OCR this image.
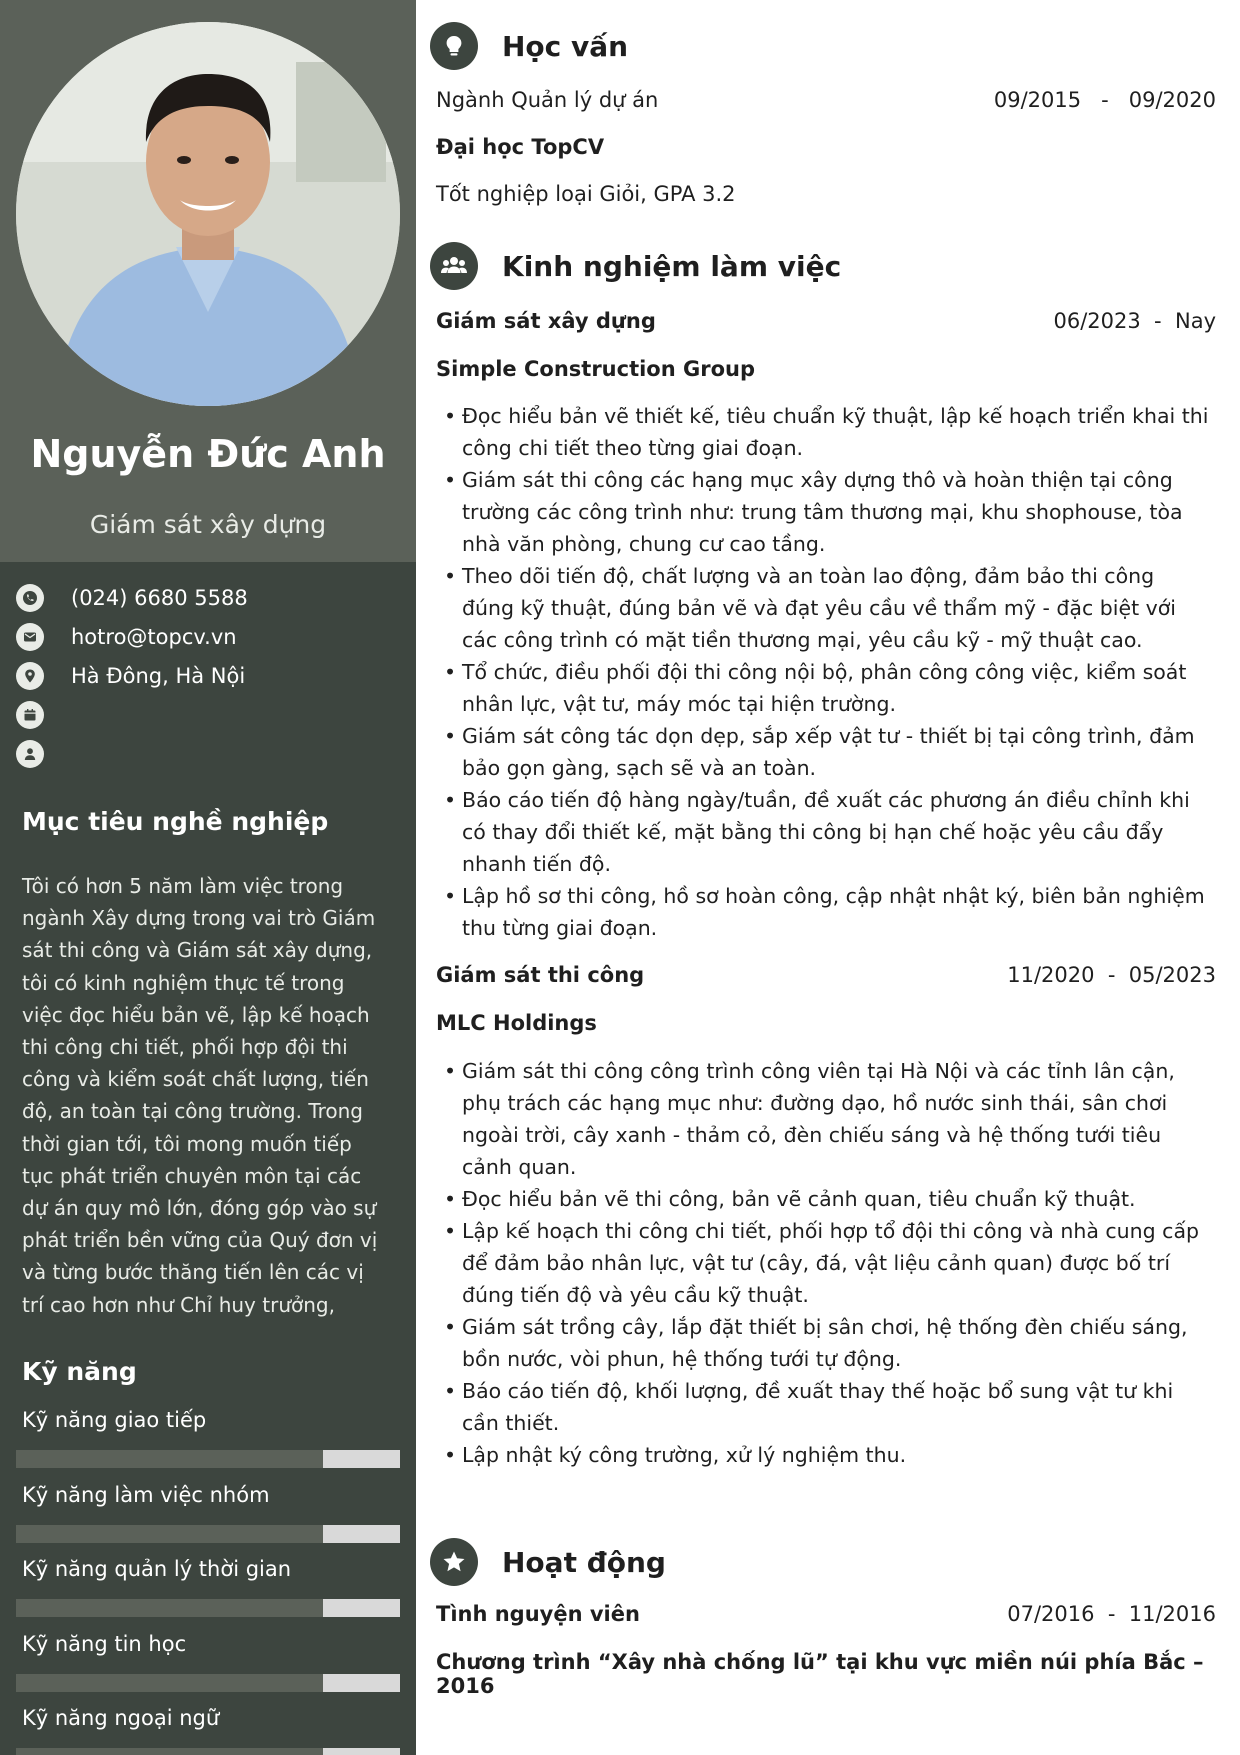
Nguyễn Đức Anh
Giám sát xây dựng
(024) 6680 5588
hotro@topcv.vn
Hà Đông, Hà Nội
Mục tiêu nghề nghiệp
Tôi có hơn 5 năm làm việc trong
ngành Xây dựng trong vai trò Giám
sát thi công và Giám sát xây dựng,
tôi có kinh nghiệm thực tế trong
việc đọc hiểu bản vẽ, lập kế hoạch
thi công chi tiết, phối hợp đội thi
công và kiểm soát chất lượng, tiến
độ, an toàn tại công trường. Trong
thời gian tới, tôi mong muốn tiếp
tục phát triển chuyên môn tại các
dự án quy mô lớn, đóng góp vào sự
phát triển bền vững của Quý đơn vị
và từng bước thăng tiến lên các vị
trí cao hơn như Chỉ huy trưởng,
Kỹ năng
Kỹ năng giao tiếp
Kỹ năng làm việc nhóm
Kỹ năng quản lý thời gian
Kỹ năng tin học
Kỹ năng ngoại ngữ
Học vấn
Ngành Quản lý dự án	09/2015 - 09/2020
Đại học TopCV
Tốt nghiệp loại Giỏi, GPA 3.2
Kinh nghiệm làm việc
Giám sát xây dựng	06/2023  -  Nay
Simple Construction Group
• Đọc hiểu bản vẽ thiết kế, tiêu chuẩn kỹ thuật, lập kế hoạch triển khai thi
công chi tiết theo từng giai đoạn.
• Giám sát thi công các hạng mục xây dựng thô và hoàn thiện tại công
trường các công trình như: trung tâm thương mại, khu shophouse, tòa
nhà văn phòng, chung cư cao tầng.
• Theo dõi tiến độ, chất lượng và an toàn lao động, đảm bảo thi công
đúng kỹ thuật, đúng bản vẽ và đạt yêu cầu về thẩm mỹ - đặc biệt với
các công trình có mặt tiền thương mại, yêu cầu kỹ - mỹ thuật cao.
• Tổ chức, điều phối đội thi công nội bộ, phân công công việc, kiểm soát
nhân lực, vật tư, máy móc tại hiện trường.
• Giám sát công tác dọn dẹp, sắp xếp vật tư - thiết bị tại công trình, đảm
bảo gọn gàng, sạch sẽ và an toàn.
• Báo cáo tiến độ hàng ngày/tuần, đề xuất các phương án điều chỉnh khi
có thay đổi thiết kế, mặt bằng thi công bị hạn chế hoặc yêu cầu đẩy
nhanh tiến độ.
• Lập hồ sơ thi công, hồ sơ hoàn công, cập nhật nhật ký, biên bản nghiệm
thu từng giai đoạn.
Giám sát thi công	11/2020  -  05/2023
MLC Holdings
• Giám sát thi công công trình công viên tại Hà Nội và các tỉnh lân cận,
phụ trách các hạng mục như: đường dạo, hồ nước sinh thái, sân chơi
ngoài trời, cây xanh - thảm cỏ, đèn chiếu sáng và hệ thống tưới tiêu
cảnh quan.
• Đọc hiểu bản vẽ thi công, bản vẽ cảnh quan, tiêu chuẩn kỹ thuật.
• Lập kế hoạch thi công chi tiết, phối hợp tổ đội thi công và nhà cung cấp
để đảm bảo nhân lực, vật tư (cây, đá, vật liệu cảnh quan) được bố trí
đúng tiến độ và yêu cầu kỹ thuật.
• Giám sát trồng cây, lắp đặt thiết bị sân chơi, hệ thống đèn chiếu sáng,
bồn nước, vòi phun, hệ thống tưới tự động.
• Báo cáo tiến độ, khối lượng, đề xuất thay thế hoặc bổ sung vật tư khi
cần thiết.
• Lập nhật ký công trường, xử lý nghiệm thu.
Hoạt động
Tình nguyện viên	07/2016  -  11/2016
Chương trình “Xây nhà chống lũ” tại khu vực miền núi phía Bắc – 2016
